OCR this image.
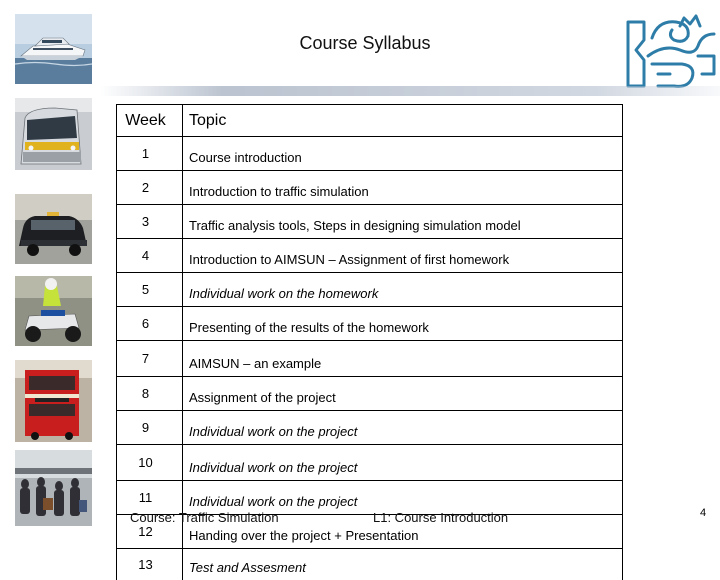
Course Syllabus
Week	Topic
1	Course introduction
2	Introduction to traffic simulation
3	Traffic analysis tools, Steps in designing simulation model
4	Introduction to AIMSUN – Assignment of first homework
5	Individual work on the homework
6	Presenting of the results of the homework
7	AIMSUN – an example
8	Assignment of the project
9	Individual work on the project
10	Individual work on the project
11	Individual work on the project
12	Handing over the project + Presentation
13	Test and Assesment
Course: Traffic Simulation	L1: Course Introduction	4
